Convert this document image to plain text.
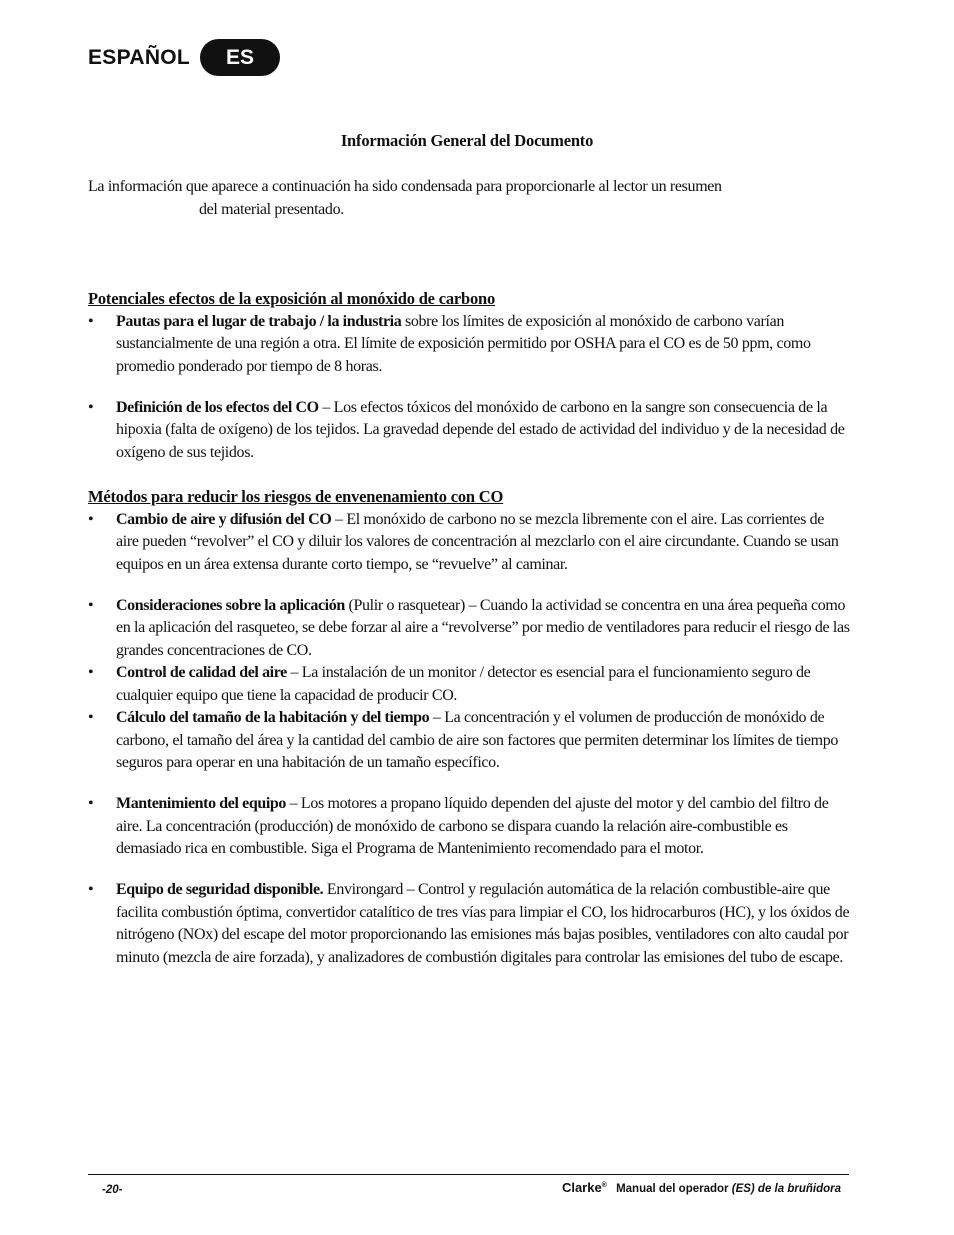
ESPAÑOL	ES
Información General del Documento

La información que aparece a continuación ha sido condensada para proporcionarle al lector un resumen
del material presentado.

Potenciales efectos de la exposición al monóxido de carbono

• Pautas para el lugar de trabajo / la industria sobre los límites de exposición al monóxido de carbono varían sustancialmente de una región a otra. El límite de exposición permitido por OSHA para el CO es de 50 ppm, como promedio ponderado por tiempo de 8 horas.
• Definición de los efectos del CO – Los efectos tóxicos del monóxido de carbono en la sangre son consecuencia de la hipoxia (falta de oxígeno) de los tejidos. La gravedad depende del estado de actividad del individuo y de la necesidad de oxígeno de sus tejidos.

Métodos para reducir los riesgos de envenenamiento con CO

• Cambio de aire y difusión del CO – El monóxido de carbono no se mezcla libremente con el aire. Las corrientes de aire pueden “revolver” el CO y diluir los valores de concentración al mezclarlo con el aire circundante. Cuando se usan equipos en un área extensa durante corto tiempo, se “revuelve” al caminar.
• Consideraciones sobre la aplicación (Pulir o rasquetear) – Cuando la actividad se concentra en una área pequeña como en la aplicación del rasqueteo, se debe forzar al aire a “revolverse” por medio de ventiladores para reducir el riesgo de las grandes concentraciones de CO.
• Control de calidad del aire – La instalación de un monitor / detector es esencial para el funcionamiento seguro de cualquier equipo que tiene la capacidad de producir CO.
• Cálculo del tamaño de la habitación y del tiempo – La concentración y el volumen de producción de monóxido de carbono, el tamaño del área y la cantidad del cambio de aire son factores que permiten determinar los límites de tiempo seguros para operar en una habitación de un tamaño específico.
• Mantenimiento del equipo – Los motores a propano líquido dependen del ajuste del motor y del cambio del filtro de aire. La concentración (producción) de monóxido de carbono se dispara cuando la relación aire-combustible es demasiado rica en combustible. Siga el Programa de Mantenimiento recomendado para el motor.
• Equipo de seguridad disponible. Environgard – Control y regulación automática de la relación combustible-aire que facilita combustión óptima, convertidor catalítico de tres vías para limpiar el CO, los hidrocarburos (HC), y los óxidos de nitrógeno (NOx) del escape del motor proporcionando las emisiones más bajas posibles, ventiladores con alto caudal por minuto (mezcla de aire forzada), y analizadores de combustión digitales para controlar las emisiones del tubo de escape.
-20-	Clarke® Manual del operador (ES) de la bruñidora
